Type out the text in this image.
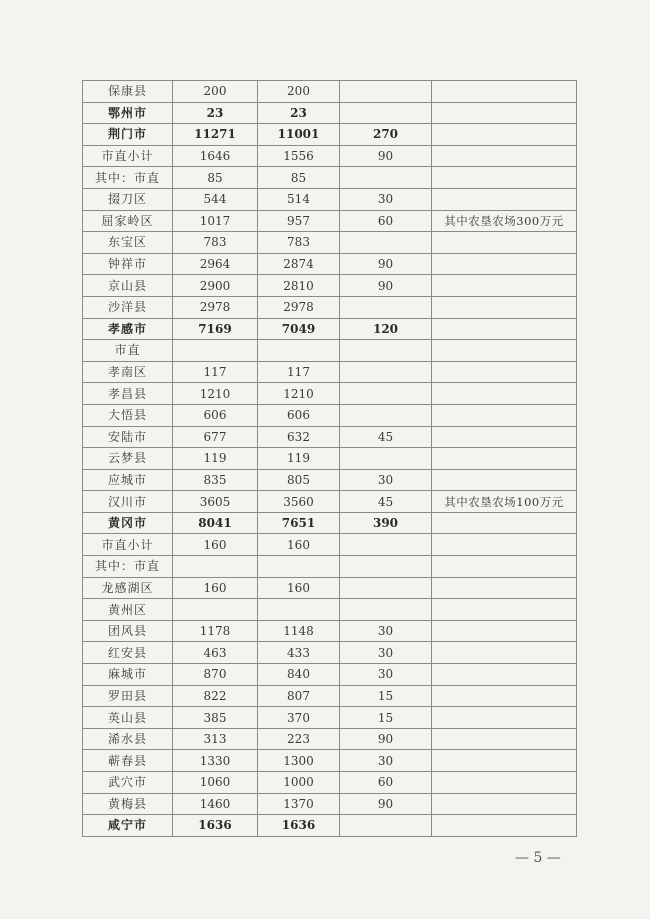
保康县	200	200		
鄂州市	23	23		
荆门市	11271	11001	270	
市直小计	1646	1556	90	
其中：市直	85	85		
掇刀区	544	514	30	
屈家岭区	1017	957	60	其中农垦农场300万元
东宝区	783	783		
钟祥市	2964	2874	90	
京山县	2900	2810	90	
沙洋县	2978	2978		
孝感市	7169	7049	120	
市直				
孝南区	117	117		
孝昌县	1210	1210		
大悟县	606	606		
安陆市	677	632	45	
云梦县	119	119		
应城市	835	805	30	
汉川市	3605	3560	45	其中农垦农场100万元
黄冈市	8041	7651	390	
市直小计	160	160		
其中：市直				
龙感湖区	160	160		
黄州区				
团风县	1178	1148	30	
红安县	463	433	30	
麻城市	870	840	30	
罗田县	822	807	15	
英山县	385	370	15	
浠水县	313	223	90	
蕲春县	1330	1300	30	
武穴市	1060	1000	60	
黄梅县	1460	1370	90	
咸宁市	1636	1636		
— 5 —
